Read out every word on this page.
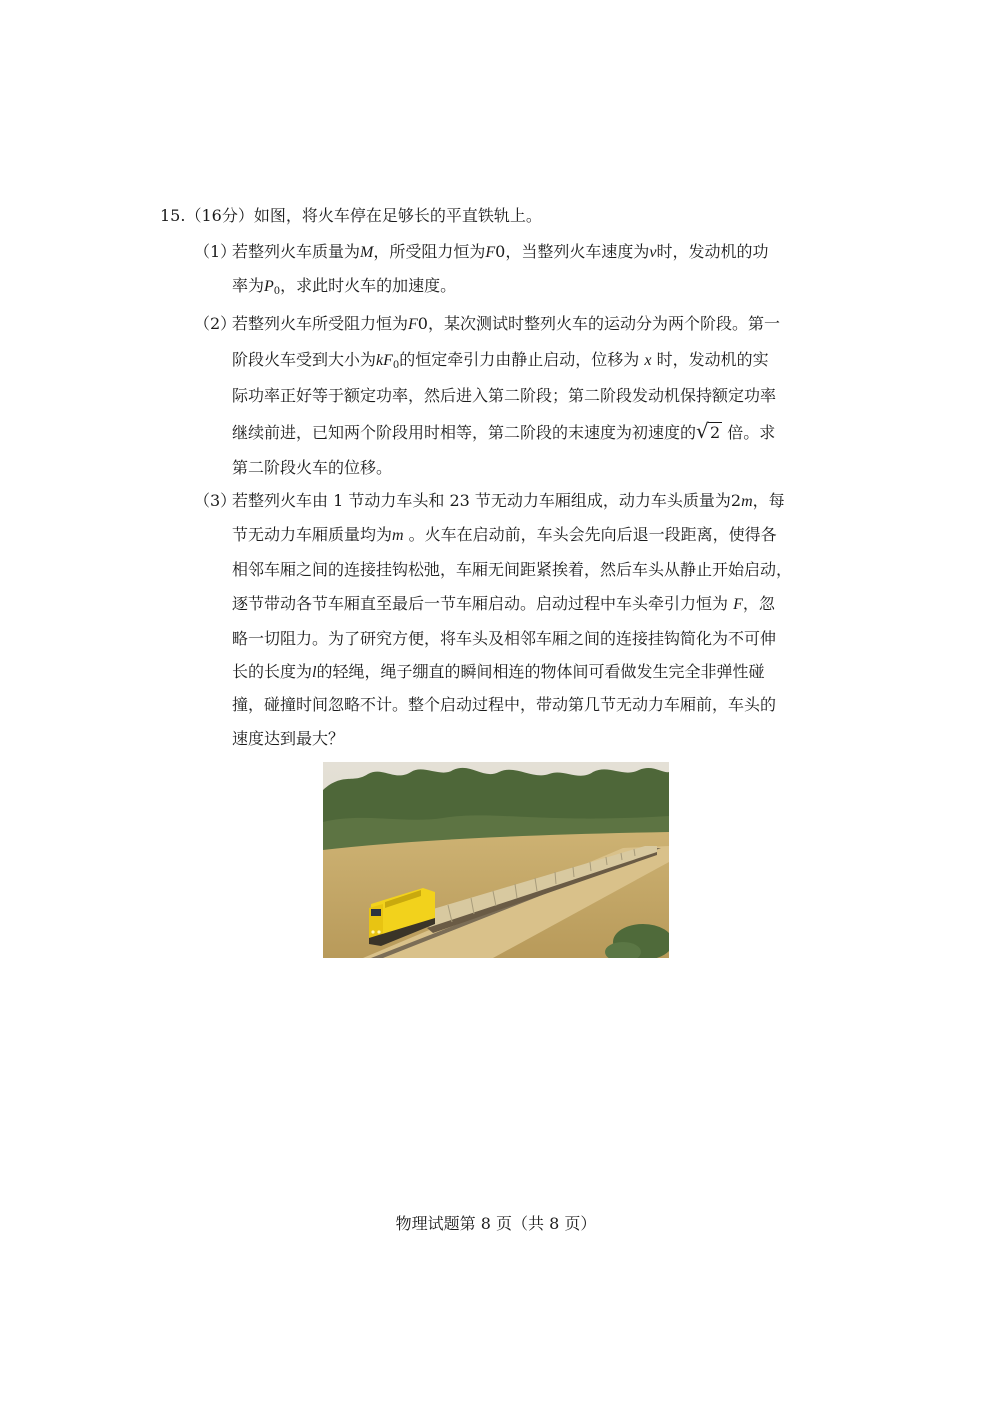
15.（16分）如图，将火车停在足够长的平直铁轨上。
（1）
若整列火车质量为M，所受阻力恒为F0，当整列火车速度为v时，发动机的功
率为$P_0$，求此时火车的加速度。
（2）
若整列火车所受阻力恒为F0，某次测试时整列火车的运动分为两个阶段。第一
阶段火车受到大小为$kF_0$的恒定牵引力由静止启动，位移为 x 时，发动机的实
际功率正好等于额定功率，然后进入第二阶段；第二阶段发动机保持额定功率
继续前进，已知两个阶段用时相等，第二阶段的末速度为初速度的 √ 2 倍。求
第二阶段火车的位移。
（3）
若整列火车由 1 节动力车头和 23 节无动力车厢组成，动力车头质量为2m，每
节无动力车厢质量均为m 。火车在启动前，车头会先向后退一段距离，使得各
相邻车厢之间的连接挂钩松弛，车厢无间距紧挨着，然后车头从静止开始启动，
逐节带动各节车厢直至最后一节车厢启动。启动过程中车头牵引力恒为 F，忽
略一切阻力。为了研究方便，将车头及相邻车厢之间的连接挂钩简化为不可伸
长的长度为l的轻绳，绳子绷直的瞬间相连的物体间可看做发生完全非弹性碰
撞，碰撞时间忽略不计。整个启动过程中，带动第几节无动力车厢前，车头的
速度达到最大？
物理试题第 8 页（共 8 页）
